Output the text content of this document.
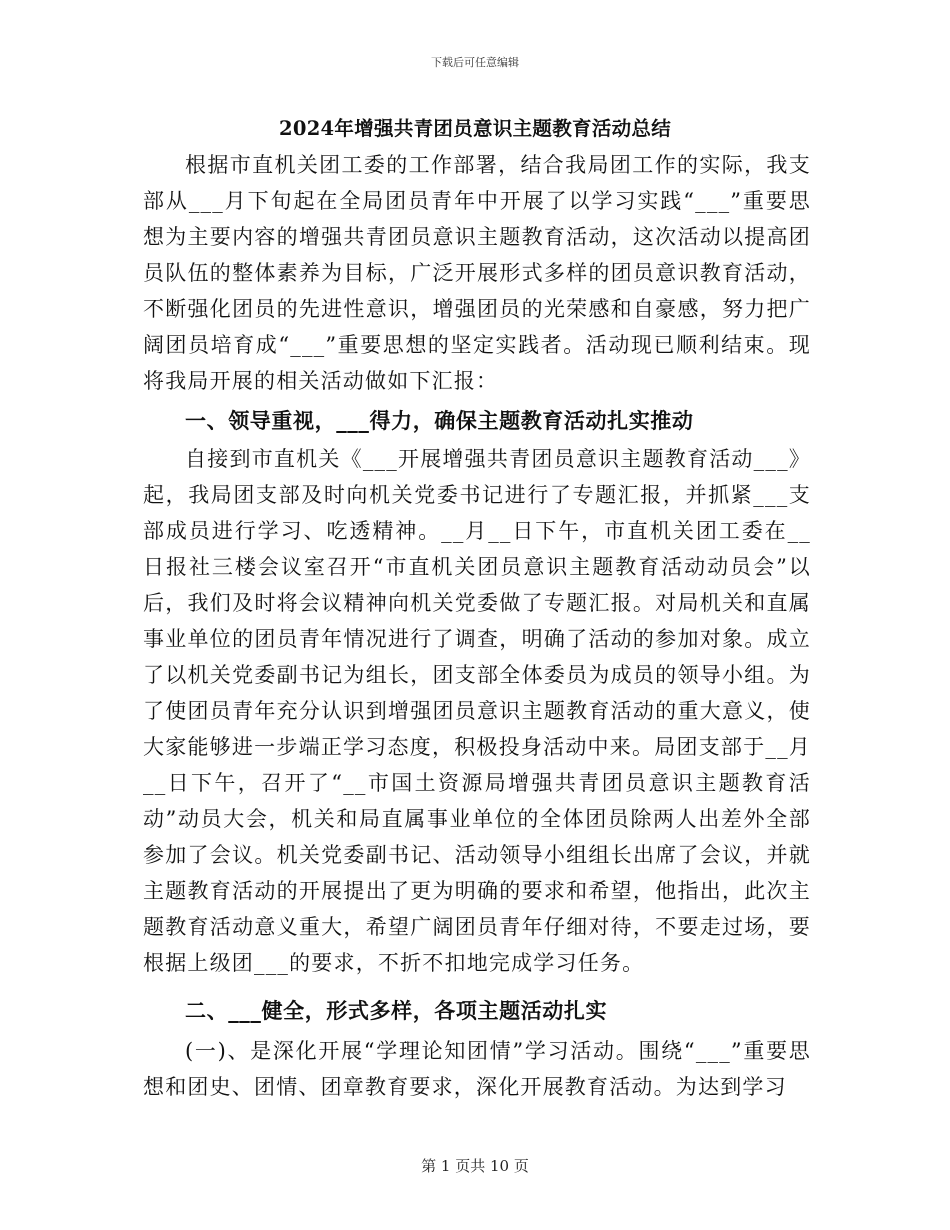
下载后可任意编辑
2024年增强共青团员意识主题教育活动总结

根据市直机关团工委的工作部署，结合我局团工作的实际，我支部从___月下旬起在全局团员青年中开展了以学习实践“___”重要思想为主要内容的增强共青团员意识主题教育活动，这次活动以提高团员队伍的整体素养为目标，广泛开展形式多样的团员意识教育活动，不断强化团员的先进性意识，增强团员的光荣感和自豪感，努力把广阔团员培育成“___”重要思想的坚定实践者。活动现已顺利结束。现将我局开展的相关活动做如下汇报：

一、领导重视，___得力，确保主题教育活动扎实推动

自接到市直机关《___开展增强共青团员意识主题教育活动___》起，我局团支部及时向机关党委书记进行了专题汇报，并抓紧___支部成员进行学习、吃透精神。__月__日下午，市直机关团工委在__日报社三楼会议室召开“市直机关团员意识主题教育活动动员会”以后，我们及时将会议精神向机关党委做了专题汇报。对局机关和直属事业单位的团员青年情况进行了调查，明确了活动的参加对象。成立了以机关党委副书记为组长，团支部全体委员为成员的领导小组。为了使团员青年充分认识到增强团员意识主题教育活动的重大意义，使大家能够进一步端正学习态度，积极投身活动中来。局团支部于__月__日下午，召开了“__市国土资源局增强共青团员意识主题教育活动”动员大会，机关和局直属事业单位的全体团员除两人出差外全部参加了会议。机关党委副书记、活动领导小组组长出席了会议，并就主题教育活动的开展提出了更为明确的要求和希望，他指出，此次主题教育活动意义重大，希望广阔团员青年仔细对待，不要走过场，要根据上级团___的要求，不折不扣地完成学习任务。

二、___健全，形式多样，各项主题活动扎实

(一)、是深化开展“学理论知团情”学习活动。围绕“___”重要思想和团史、团情、团章教育要求，深化开展教育活动。为达到学习

第 1 页共 10 页
